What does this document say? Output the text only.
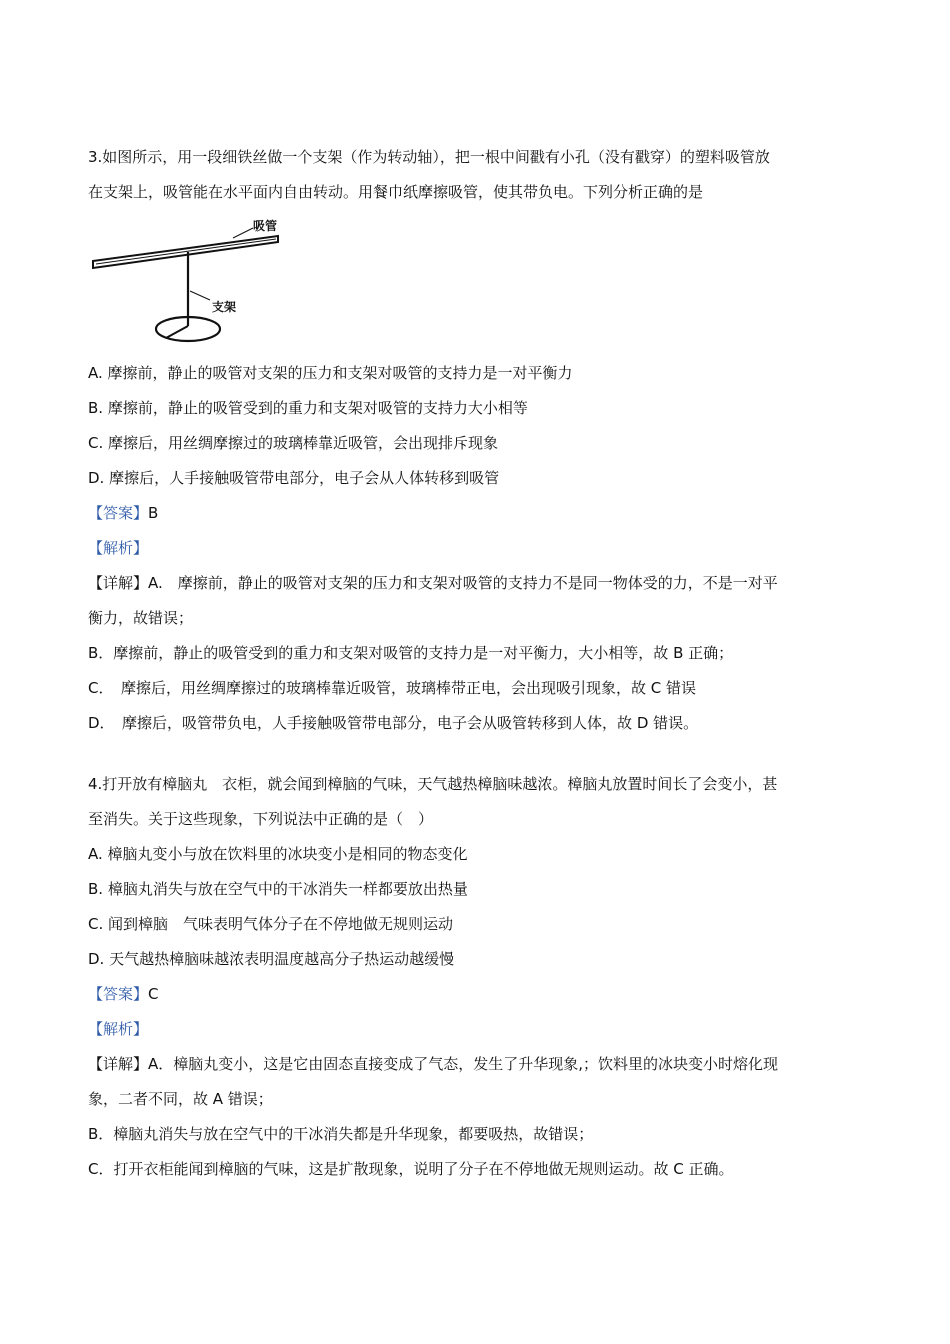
3.如图所示，用一段细铁丝做一个支架（作为转动轴），把一根中间戳有小孔（没有戳穿）的塑料吸管放
在支架上，吸管能在水平面内自由转动。用餐巾纸摩擦吸管，使其带负电。下列分析正确的是
吸管
支架
A. 摩擦前，静止的吸管对支架的压力和支架对吸管的支持力是一对平衡力
B. 摩擦前，静止的吸管受到的重力和支架对吸管的支持力大小相等
C. 摩擦后，用丝绸摩擦过的玻璃棒靠近吸管，会出现排斥现象
D. 摩擦后，人手接触吸管带电部分，电子会从人体转移到吸管
【答案】B
【解析】
【详解】A.　摩擦前，静止的吸管对支架的压力和支架对吸管的支持力不是同一物体受的力，不是一对平
衡力，故错误；
B．摩擦前，静止的吸管受到的重力和支架对吸管的支持力是一对平衡力，大小相等，故 B 正确；
C．　摩擦后，用丝绸摩擦过的玻璃棒靠近吸管，玻璃棒带正电，会出现吸引现象，故 C 错误
D．　摩擦后，吸管带负电，人手接触吸管带电部分，电子会从吸管转移到人体，故 D 错误。
4.打开放有樟脑丸　衣柜，就会闻到樟脑的气味，天气越热樟脑味越浓。樟脑丸放置时间长了会变小，甚
至消失。关于这些现象，下列说法中正确的是（　）
A. 樟脑丸变小与放在饮料里的冰块变小是相同的物态变化
B. 樟脑丸消失与放在空气中的干冰消失一样都要放出热量
C. 闻到樟脑　气味表明气体分子在不停地做无规则运动
D. 天气越热樟脑味越浓表明温度越高分子热运动越缓慢
【答案】C
【解析】
【详解】A．樟脑丸变小，这是它由固态直接变成了气态，发生了升华现象,；饮料里的冰块变小时熔化现
象，二者不同，故 A 错误；
B．樟脑丸消失与放在空气中的干冰消失都是升华现象，都要吸热，故错误；
C．打开衣柜能闻到樟脑的气味，这是扩散现象，说明了分子在不停地做无规则运动。故 C 正确。
